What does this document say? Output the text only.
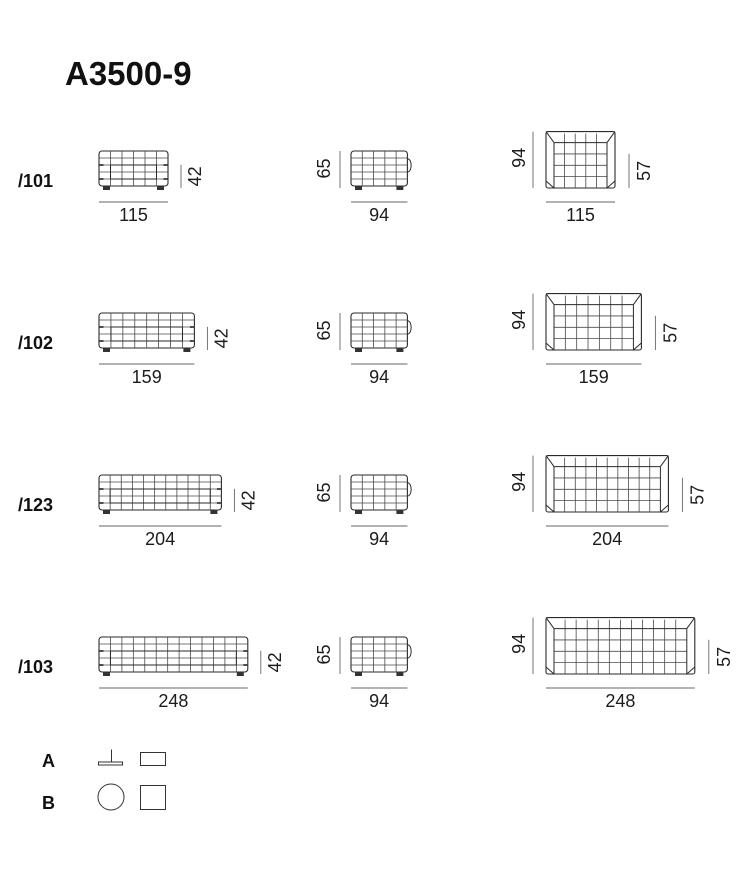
A3500-9
/101	42
115
65
94
94
57
115
/102	42
159
65
94
94
57
159
/123	42
204
65
94
94
57
204
/103	42
248
65
94
94
57
248
A
B
